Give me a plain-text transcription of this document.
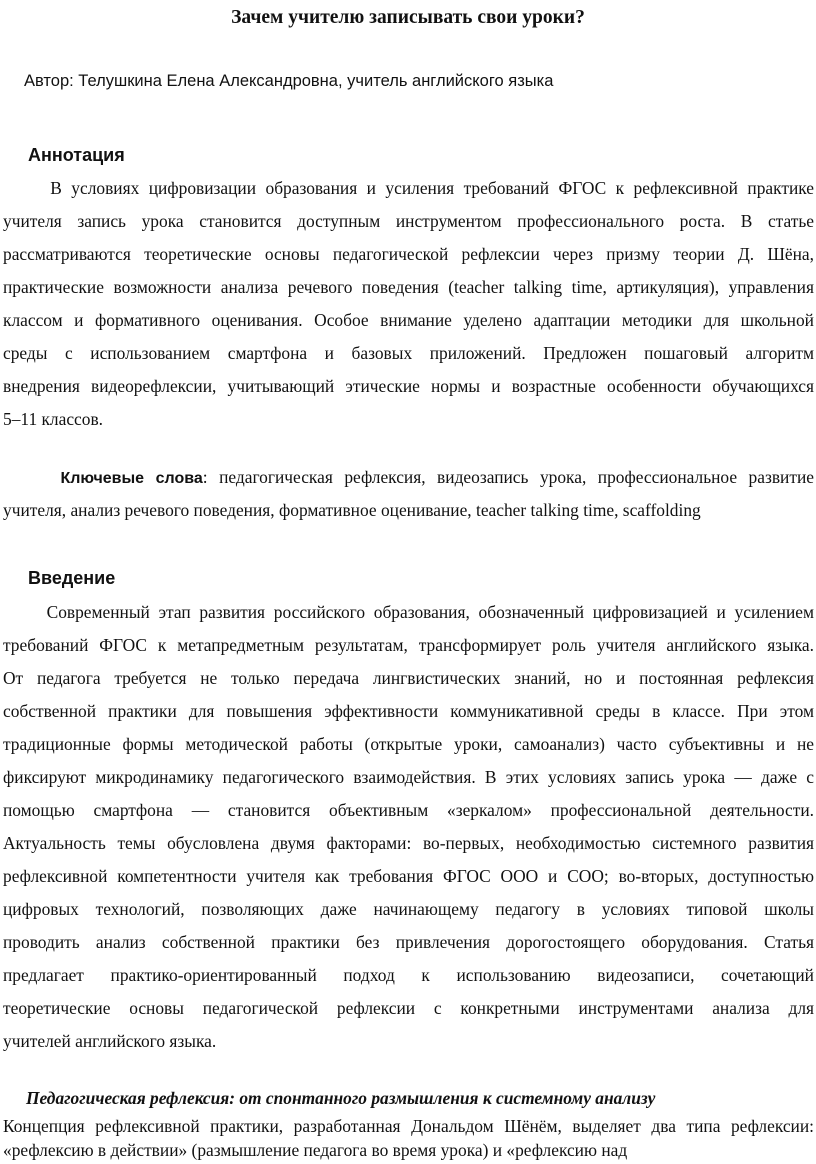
Зачем учителю записывать свои уроки?
Автор: Телушкина Елена Александровна, учитель английского языка
Аннотация
В условиях цифровизации образования и усиления требований ФГОС к рефлексивной практике
учителя запись урока становится доступным инструментом профессионального роста. В статье
рассматриваются теоретические основы педагогической рефлексии через призму теории Д. Шёна,
практические возможности анализа речевого поведения (teacher talking time, артикуляция), управления
классом и формативного оценивания. Особое внимание уделено адаптации методики для школьной
среды с использованием смартфона и базовых приложений. Предложен пошаговый алгоритм
внедрения видеорефлексии, учитывающий этические нормы и возрастные особенности обучающихся
5–11 классов.
Ключевые слова: педагогическая рефлексия, видеозапись урока, профессиональное развитие
учителя, анализ речевого поведения, формативное оценивание, teacher talking time, scaffolding
Введение
Современный этап развития российского образования, обозначенный цифровизацией и усилением
требований ФГОС к метапредметным результатам, трансформирует роль учителя английского языка.
От педагога требуется не только передача лингвистических знаний, но и постоянная рефлексия
собственной практики для повышения эффективности коммуникативной среды в классе. При этом
традиционные формы методической работы (открытые уроки, самоанализ) часто субъективны и не
фиксируют микродинамику педагогического взаимодействия. В этих условиях запись урока — даже с
помощью смартфона — становится объективным «зеркалом» профессиональной деятельности.
Актуальность темы обусловлена двумя факторами: во-первых, необходимостью системного развития
рефлексивной компетентности учителя как требования ФГОС ООО и СОО; во-вторых, доступностью
цифровых технологий, позволяющих даже начинающему педагогу в условиях типовой школы
проводить анализ собственной практики без привлечения дорогостоящего оборудования. Статья
предлагает практико-ориентированный подход к использованию видеозаписи, сочетающий
теоретические основы педагогической рефлексии с конкретными инструментами анализа для
учителей английского языка.
Педагогическая рефлексия: от спонтанного размышления к системному анализу
Концепция рефлексивной практики, разработанная Дональдом Шёнём, выделяет два типа рефлексии:
«рефлексию в действии» (размышление педагога во время урока) и «рефлексию над
